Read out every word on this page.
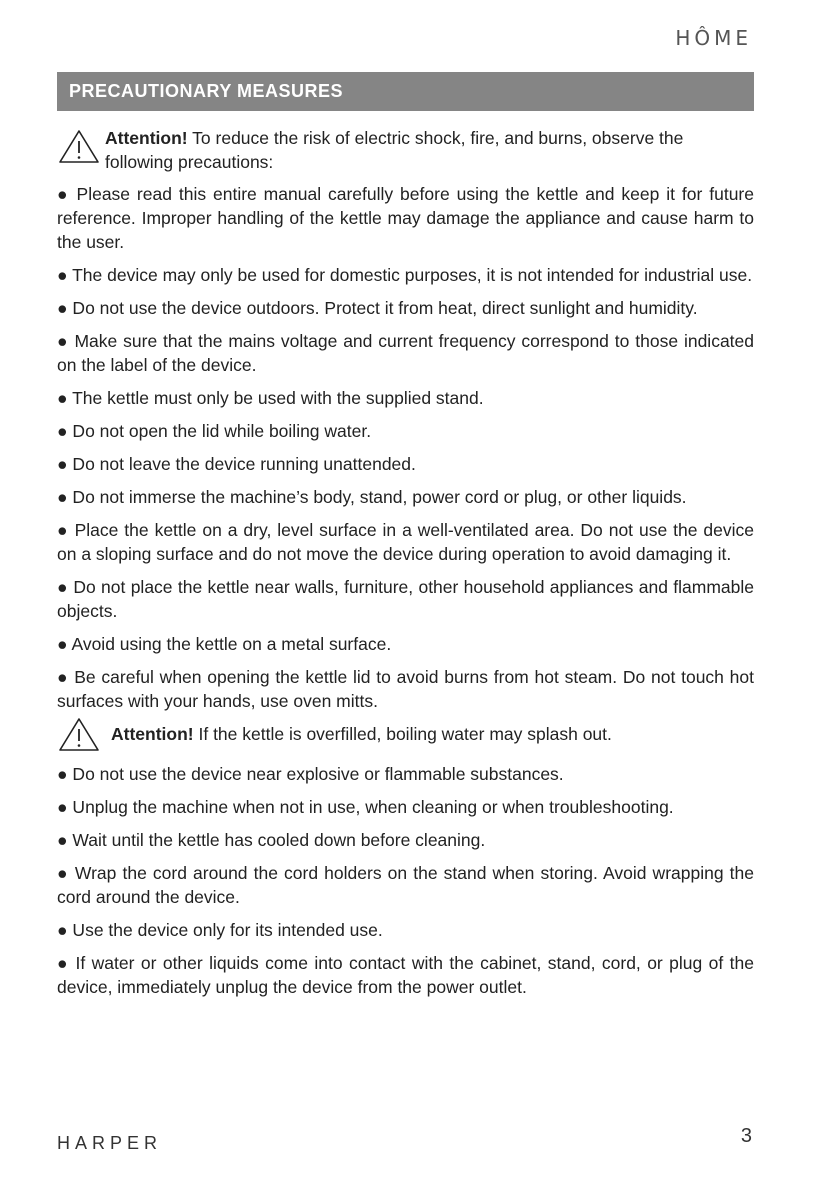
HÔME
PRECAUTIONARY MEASURES
Attention! To reduce the risk of electric shock, fire, and burns, observe the following precautions:

● Please read this entire manual carefully before using the kettle and keep it for future reference. Improper handling of the kettle may damage the appliance and cause harm to the user.

● The device may only be used for domestic purposes, it is not intended for industrial use.

● Do not use the device outdoors. Protect it from heat, direct sunlight and humidity.

● Make sure that the mains voltage and current frequency correspond to those indicated on the label of the device.

● The kettle must only be used with the supplied stand.

● Do not open the lid while boiling water.

● Do not leave the device running unattended.

● Do not immerse the machine’s body, stand, power cord or plug, or other liquids.

● Place the kettle on a dry, level surface in a well-ventilated area. Do not use the device on a sloping surface and do not move the device during operation to avoid damaging it.

● Do not place the kettle near walls, furniture, other household appliances and flammable objects.

● Avoid using the kettle on a metal surface.

● Be careful when opening the kettle lid to avoid burns from hot steam. Do not touch hot surfaces with your hands, use oven mitts.

Attention! If the kettle is overfilled, boiling water may splash out.

● Do not use the device near explosive or flammable substances.

● Unplug the machine when not in use, when cleaning or when troubleshooting.

● Wait until the kettle has cooled down before cleaning.

● Wrap the cord around the cord holders on the stand when storing. Avoid wrapping the cord around the device.

● Use the device only for its intended use.

● If water or other liquids come into contact with the cabinet, stand, cord, or plug of the device, immediately unplug the device from the power outlet.

HARPER	3
